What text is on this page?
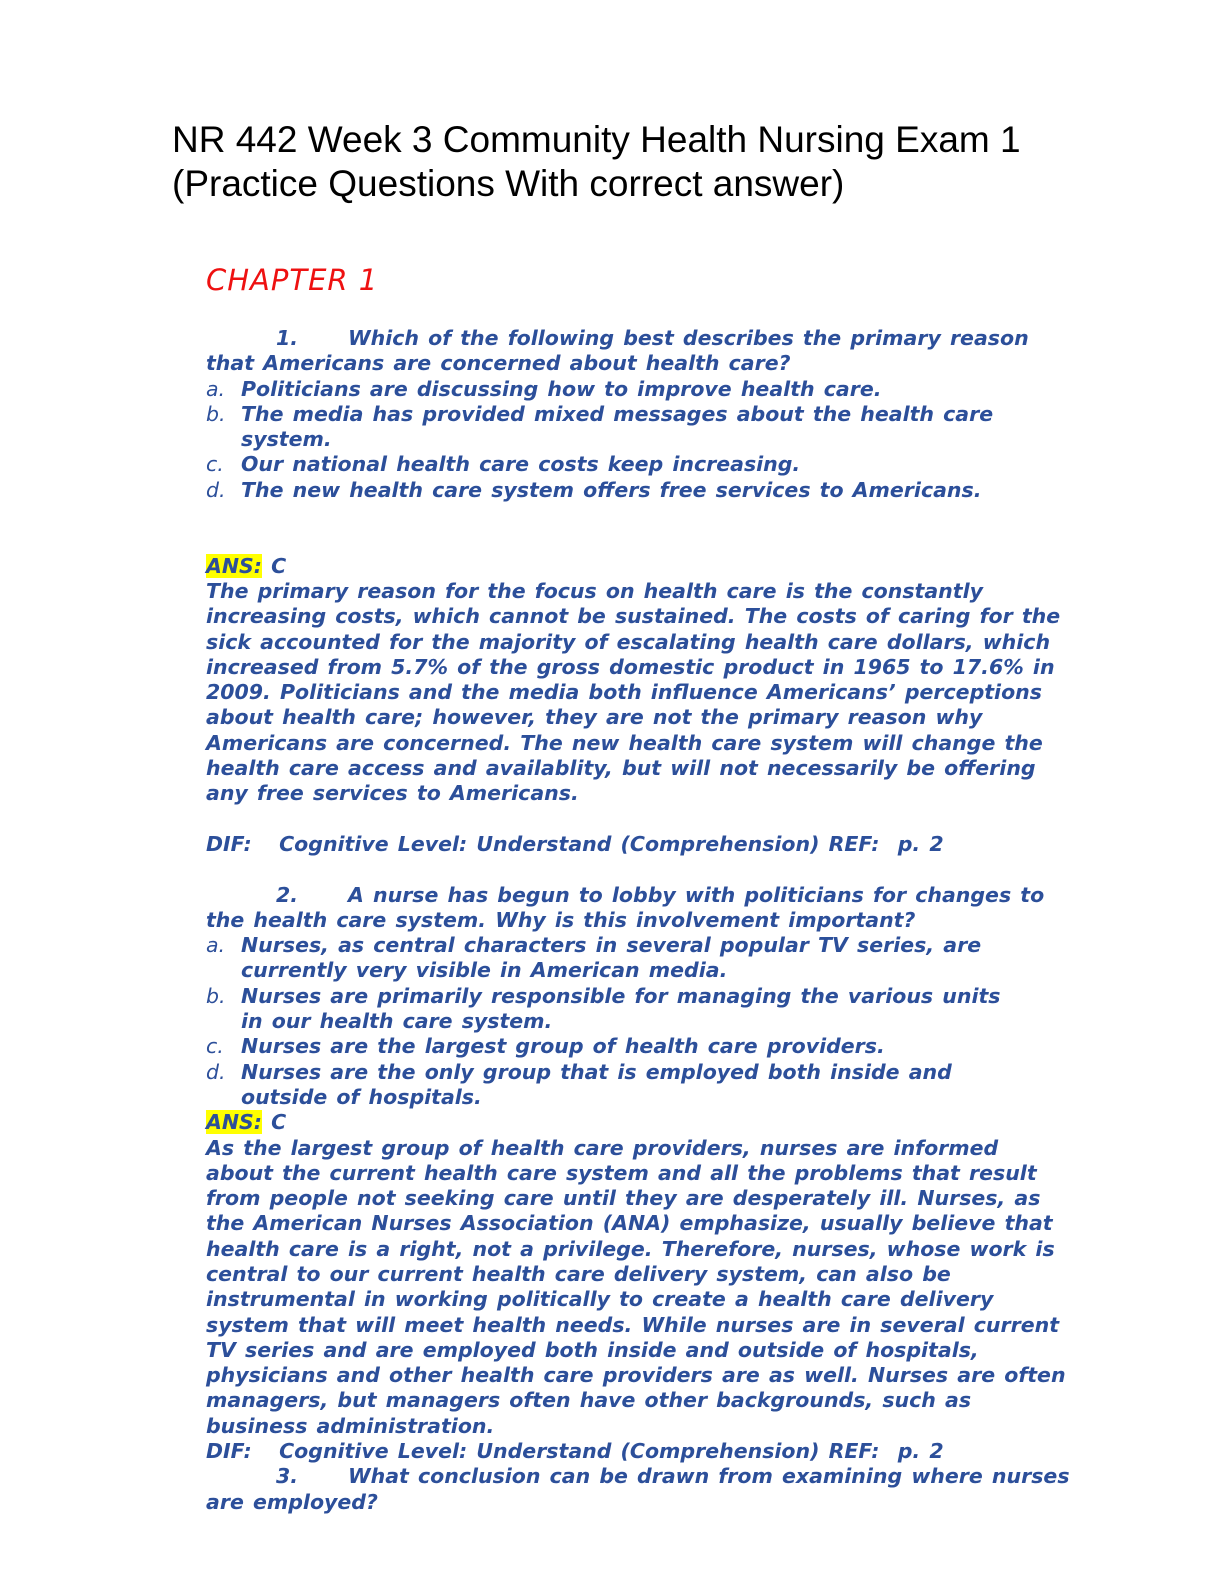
NR 442 Week 3 Community Health Nursing Exam 1
(Practice Questions With correct answer)
CHAPTER 1
1. Which of the following best describes the primary reason
that Americans are concerned about health care?
a. Politicians are discussing how to improve health care.
b. The media has provided mixed messages about the health care
system.
c. Our national health care costs keep increasing.
d. The new health care system offers free services to Americans.
ANS: C
The primary reason for the focus on health care is the constantly
increasing costs, which cannot be sustained. The costs of caring for the
sick accounted for the majority of escalating health care dollars, which
increased from 5.7% of the gross domestic product in 1965 to 17.6% in
2009. Politicians and the media both influence Americans’ perceptions
about health care; however, they are not the primary reason why
Americans are concerned. The new health care system will change the
health care access and availablity, but will not necessarily be offering
any free services to Americans.
DIF:   Cognitive Level: Understand (Comprehension) REF:  p. 2
2. A nurse has begun to lobby with politicians for changes to
the health care system. Why is this involvement important?
a. Nurses, as central characters in several popular TV series, are
currently very visible in American media.
b. Nurses are primarily responsible for managing the various units
in our health care system.
c. Nurses are the largest group of health care providers.
d. Nurses are the only group that is employed both inside and
outside of hospitals.
ANS: C
As the largest group of health care providers, nurses are informed
about the current health care system and all the problems that result
from people not seeking care until they are desperately ill. Nurses, as
the American Nurses Association (ANA) emphasize, usually believe that
health care is a right, not a privilege. Therefore, nurses, whose work is
central to our current health care delivery system, can also be
instrumental in working politically to create a health care delivery
system that will meet health needs. While nurses are in several current
TV series and are employed both inside and outside of hospitals,
physicians and other health care providers are as well. Nurses are often
managers, but managers often have other backgrounds, such as
business administration.
DIF:   Cognitive Level: Understand (Comprehension) REF:  p. 2
3. What conclusion can be drawn from examining where nurses
are employed?
